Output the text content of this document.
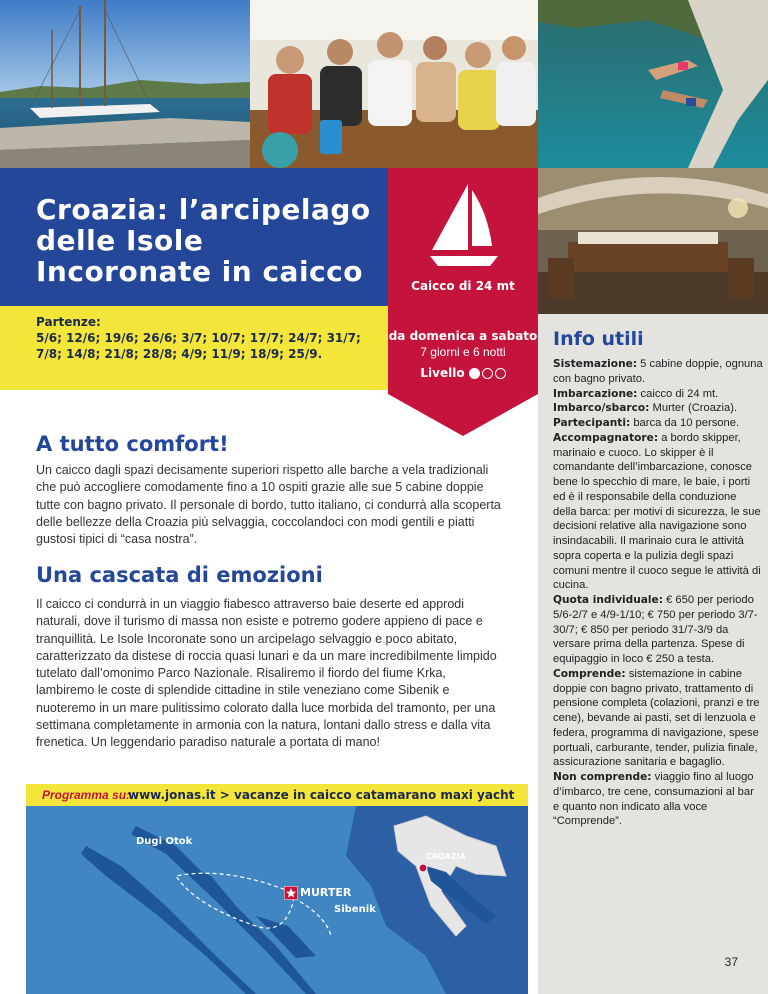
Croazia: l’arcipelago delle Isole Incoronate in caicco	Caicco di 24 mt
Partenze:
5/6; 12/6; 19/6; 26/6; 3/7; 10/7; 17/7; 24/7; 31/7; 7/8; 14/8; 21/8; 28/8; 4/9; 11/9; 18/9; 25/9.
da domenica a sabato
7 giorni e 6 notti
Livello
A tutto comfort!
Un caicco dagli spazi decisamente superiori rispetto alle barche a vela tradizionali che può accogliere comodamente fino a 10 ospiti grazie alle sue 5 cabine doppie tutte con bagno privato. Il personale di bordo, tutto italiano, ci condurrà alla scoperta delle bellezze della Croazia più selvaggia, coccolandoci con modi gentili e piatti gustosi tipici di “casa nostra”.
Una cascata di emozioni
Il caicco ci condurrà in un viaggio fiabesco attraverso baie deserte ed approdi naturali, dove il turismo di massa non esiste e potremo godere appieno di pace e tranquillità. Le Isole Incoronate sono un arcipelago selvaggio e poco abitato, caratterizzato da distese di roccia quasi lunari e da un mare incredibilmente limpido tutelato dall’omonimo Parco Nazionale. Risaliremo il fiordo del fiume Krka, lambiremo le coste di splendide cittadine in stile veneziano come Sibenik e nuoteremo in un mare pulitissimo colorato dalla luce morbida del tramonto, per una settimana completamente in armonia con la natura, lontani dallo stress e dalla vita frenetica. Un leggendario paradiso naturale a portata di mano!
Programma su:
www.jonas.it > vacanze in caicco catamarano maxi yacht
Dugi Otok
CROAZIA
MURTER
Sibenik
Info utili
Sistemazione: 5 cabine doppie, ognuna con bagno privato.
Imbarcazione: caicco di 24 mt.
Imbarco/sbarco: Murter (Croazia).
Partecipanti: barca da 10 persone.
Accompagnatore: a bordo skipper, marinaio e cuoco. Lo skipper è il comandante dell’imbarcazione, conosce bene lo specchio di mare, le baie, i porti ed è il responsabile della conduzione della barca: per motivi di sicurezza, le sue decisioni relative alla navigazione sono insindacabili. Il marinaio cura le attività sopra coperta e la pulizia degli spazi comuni mentre il cuoco segue le attività di cucina.
Quota individuale: € 650 per periodo 5/6-2/7 e 4/9-1/10; € 750 per periodo 3/7-30/7; € 850 per periodo 31/7-3/9 da versare prima della partenza. Spese di equipaggio in loco € 250 a testa.
Comprende: sistemazione in cabine doppie con bagno privato, trattamento di pensione completa (colazioni, pranzi e tre cene), bevande ai pasti, set di lenzuola e federa, programma di navigazione, spese portuali, carburante, tender, pulizia finale, assicurazione sanitaria e bagaglio.
Non comprende: viaggio fino al luogo d’imbarco, tre cene, consumazioni al bar e quanto non indicato alla voce “Comprende”.
37
